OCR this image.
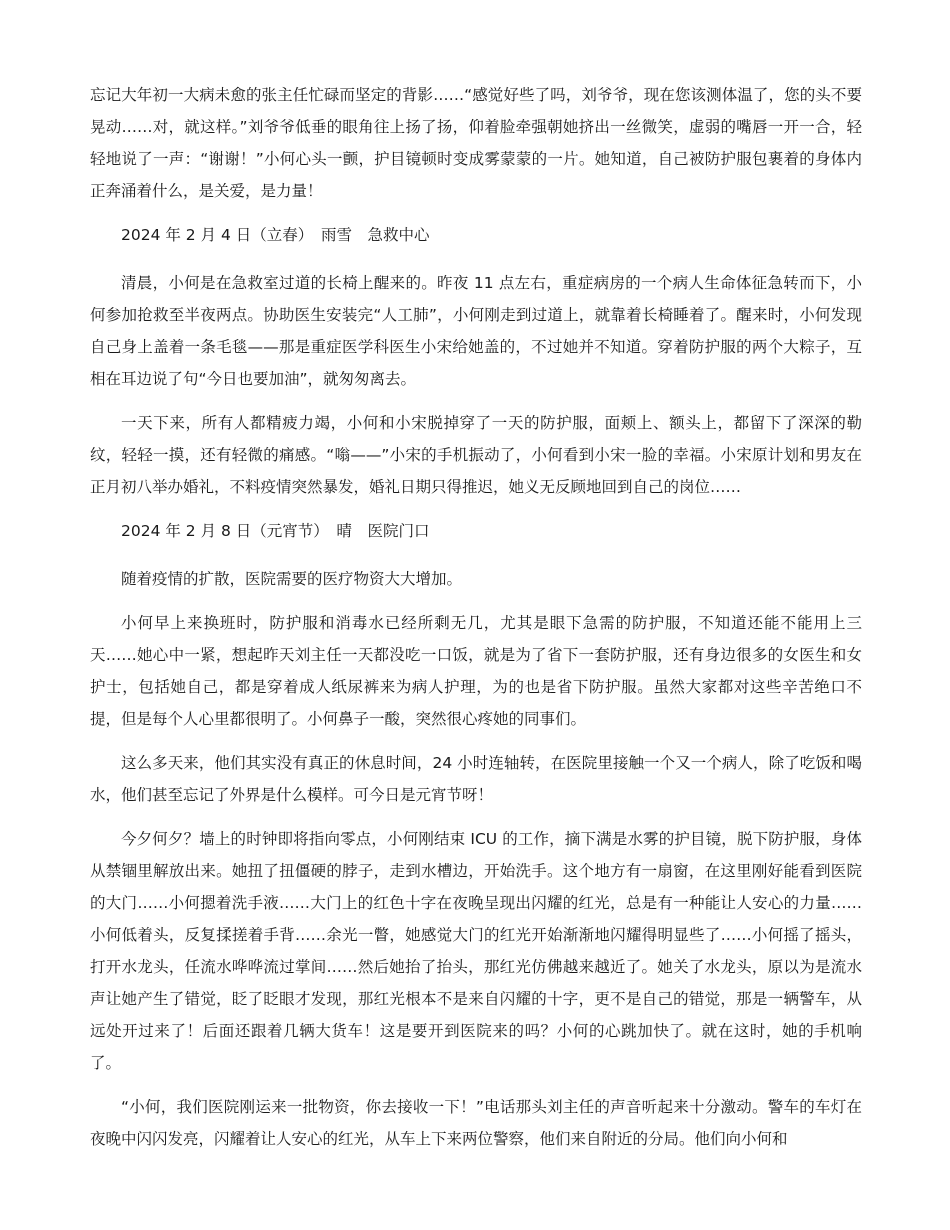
忘记大年初一大病未愈的张主任忙碌而坚定的背影……“感觉好些了吗，刘爷爷，现在您该测体温了，您的头不要晃动……对，就这样。”刘爷爷低垂的眼角往上扬了扬，仰着脸牵强朝她挤出一丝微笑，虚弱的嘴唇一开一合，轻轻地说了一声：“谢谢！”小何心头一颤，护目镜顿时变成雾蒙蒙的一片。她知道，自己被防护服包裹着的身体内正奔涌着什么，是关爱，是力量！

2024 年 2 月 4 日（立春）　雨雪　急救中心

清晨，小何是在急救室过道的长椅上醒来的。昨夜 11 点左右，重症病房的一个病人生命体征急转而下，小何参加抢救至半夜两点。协助医生安装完“人工肺”，小何刚走到过道上，就靠着长椅睡着了。醒来时，小何发现自己身上盖着一条毛毯——那是重症医学科医生小宋给她盖的，不过她并不知道。穿着防护服的两个大粽子，互相在耳边说了句“今日也要加油”，就匆匆离去。

一天下来，所有人都精疲力竭，小何和小宋脱掉穿了一天的防护服，面颊上、额头上，都留下了深深的勒纹，轻轻一摸，还有轻微的痛感。“嗡——”小宋的手机振动了，小何看到小宋一脸的幸福。小宋原计划和男友在正月初八举办婚礼，不料疫情突然暴发，婚礼日期只得推迟，她义无反顾地回到自己的岗位……

2024 年 2 月 8 日（元宵节）　晴　医院门口

随着疫情的扩散，医院需要的医疗物资大大增加。

小何早上来换班时，防护服和消毒水已经所剩无几，尤其是眼下急需的防护服，不知道还能不能用上三天……她心中一紧，想起昨天刘主任一天都没吃一口饭，就是为了省下一套防护服，还有身边很多的女医生和女护士，包括她自己，都是穿着成人纸尿裤来为病人护理，为的也是省下防护服。虽然大家都对这些辛苦绝口不提，但是每个人心里都很明了。小何鼻子一酸，突然很心疼她的同事们。

这么多天来，他们其实没有真正的休息时间，24 小时连轴转，在医院里接触一个又一个病人，除了吃饭和喝水，他们甚至忘记了外界是什么模样。可今日是元宵节呀！

今夕何夕？墙上的时钟即将指向零点，小何刚结束 ICU 的工作，摘下满是水雾的护目镜，脱下防护服，身体从禁锢里解放出来。她扭了扭僵硬的脖子，走到水槽边，开始洗手。这个地方有一扇窗，在这里刚好能看到医院的大门……小何摁着洗手液……大门上的红色十字在夜晚呈现出闪耀的红光，总是有一种能让人安心的力量……小何低着头，反复揉搓着手背……余光一瞥，她感觉大门的红光开始渐渐地闪耀得明显些了……小何摇了摇头，打开水龙头，任流水哗哗流过掌间……然后她抬了抬头，那红光仿佛越来越近了。她关了水龙头，原以为是流水声让她产生了错觉，眨了眨眼才发现，那红光根本不是来自闪耀的十字，更不是自己的错觉，那是一辆警车，从远处开过来了！后面还跟着几辆大货车！这是要开到医院来的吗？小何的心跳加快了。就在这时，她的手机响了。

“小何，我们医院刚运来一批物资，你去接收一下！”电话那头刘主任的声音听起来十分激动。警车的车灯在夜晚中闪闪发亮，闪耀着让人安心的红光，从车上下来两位警察，他们来自附近的分局。他们向小何和
